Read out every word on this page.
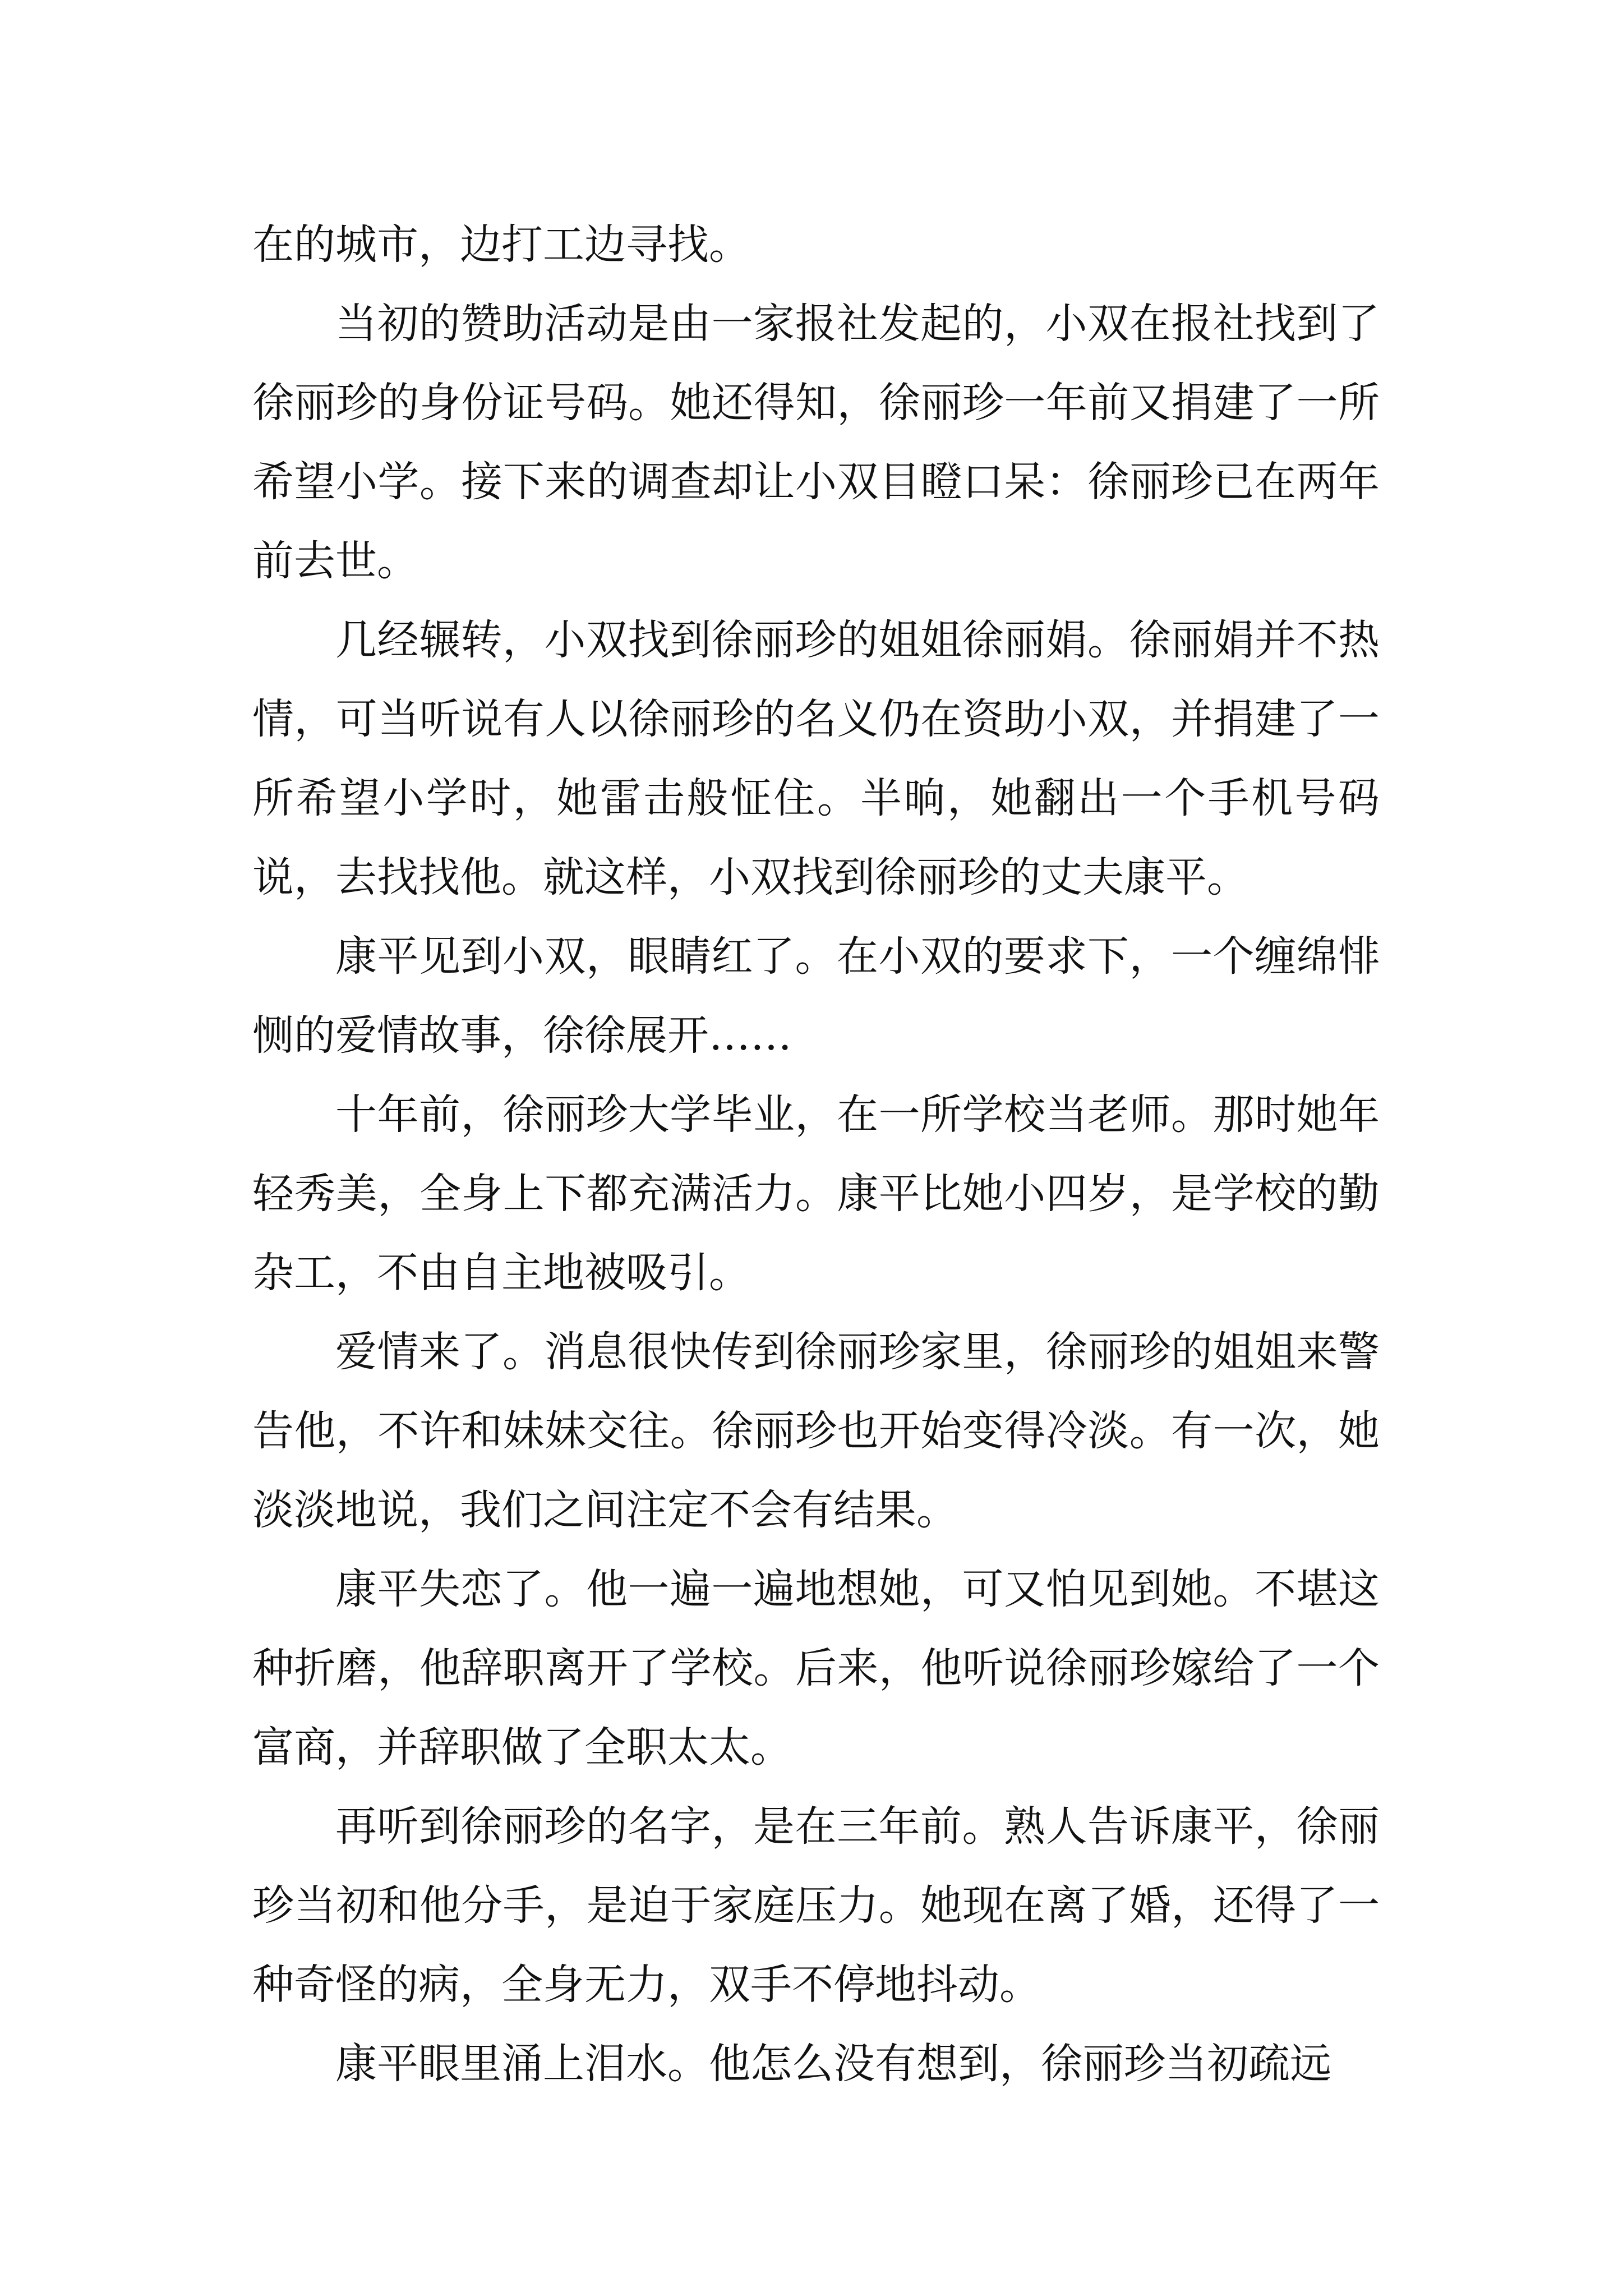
在的城市，边打工边寻找。

当初的赞助活动是由一家报社发起的，小双在报社找到了徐丽珍的身份证号码。她还得知，徐丽珍一年前又捐建了一所希望小学。接下来的调查却让小双目瞪口呆：徐丽珍已在两年前去世。

几经辗转，小双找到徐丽珍的姐姐徐丽娟。徐丽娟并不热情，可当听说有人以徐丽珍的名义仍在资助小双，并捐建了一所希望小学时，她雷击般怔住。半晌，她翻出一个手机号码说，去找找他。就这样，小双找到徐丽珍的丈夫康平。

康平见到小双，眼睛红了。在小双的要求下，一个缠绵悱恻的爱情故事，徐徐展开……

十年前，徐丽珍大学毕业，在一所学校当老师。那时她年轻秀美，全身上下都充满活力。康平比她小四岁，是学校的勤杂工，不由自主地被吸引。

爱情来了。消息很快传到徐丽珍家里，徐丽珍的姐姐来警告他，不许和妹妹交往。徐丽珍也开始变得冷淡。有一次，她淡淡地说，我们之间注定不会有结果。

康平失恋了。他一遍一遍地想她，可又怕见到她。不堪这种折磨，他辞职离开了学校。后来，他听说徐丽珍嫁给了一个富商，并辞职做了全职太太。

再听到徐丽珍的名字，是在三年前。熟人告诉康平，徐丽珍当初和他分手，是迫于家庭压力。她现在离了婚，还得了一种奇怪的病，全身无力，双手不停地抖动。

康平眼里涌上泪水。他怎么没有想到，徐丽珍当初疏远
